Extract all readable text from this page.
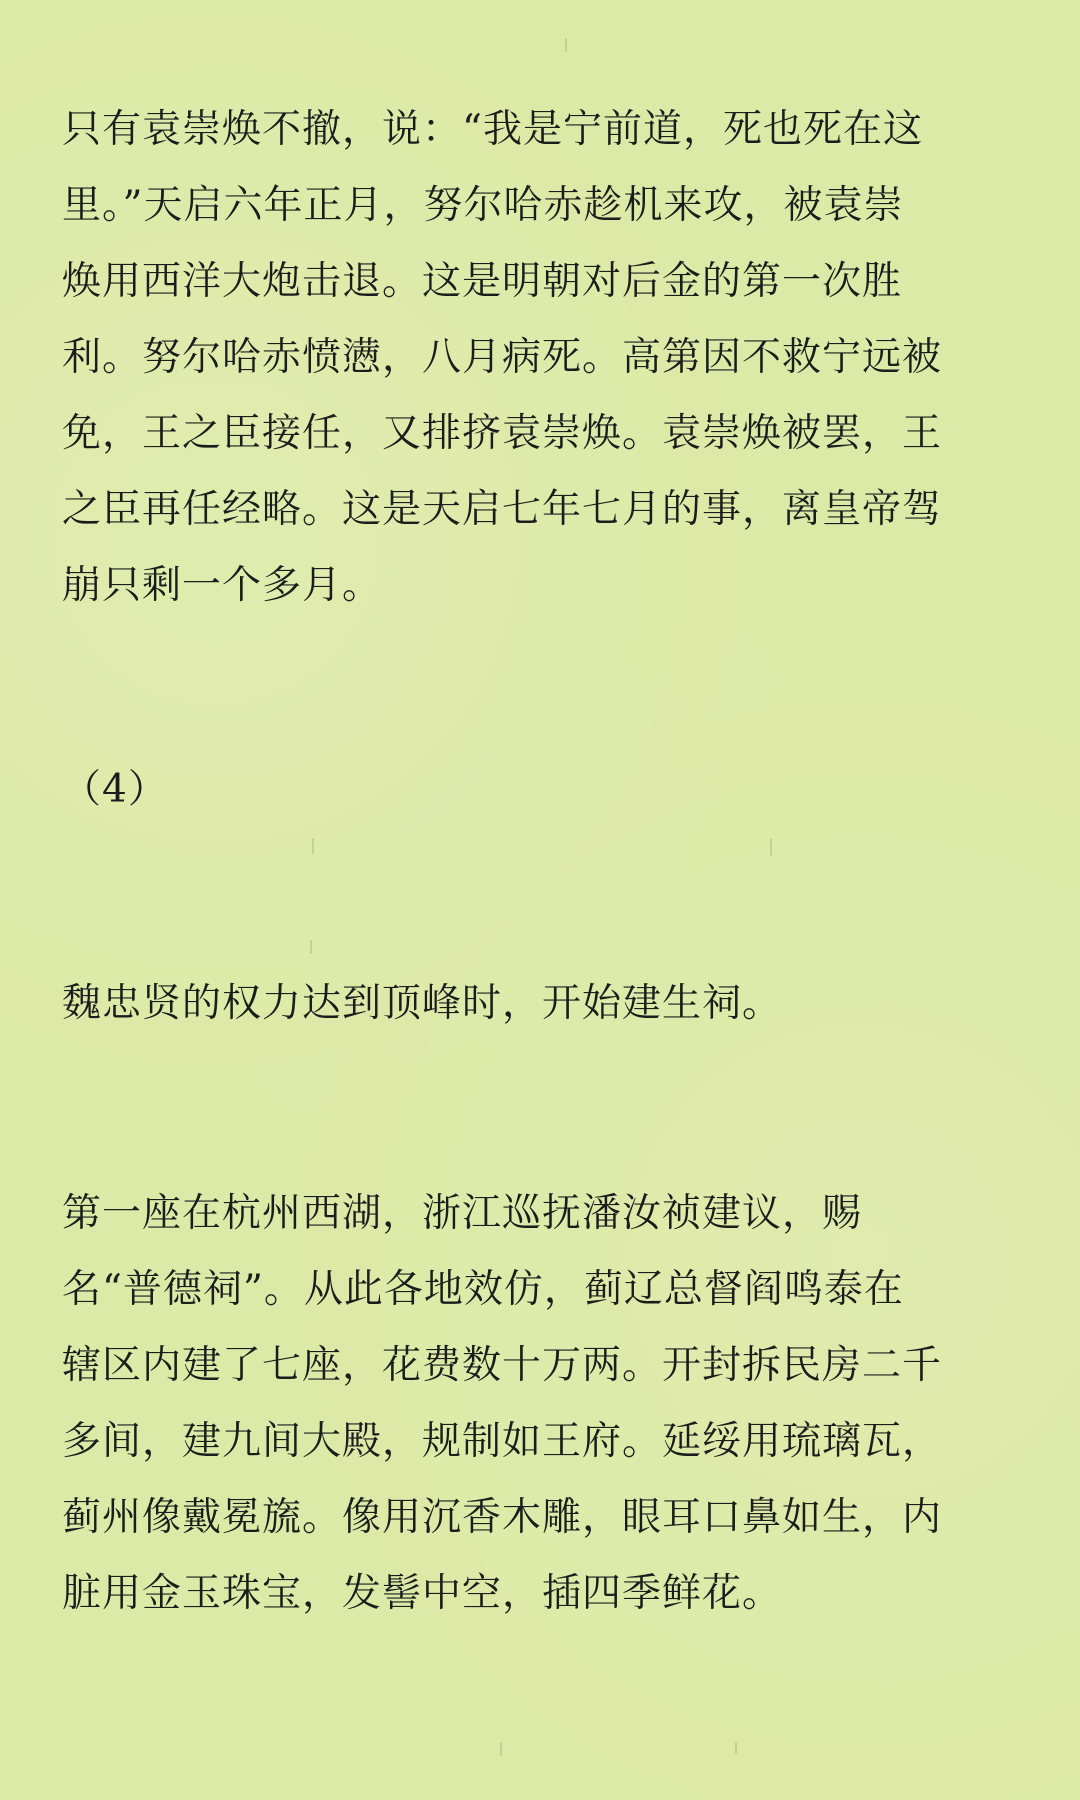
只有袁崇焕不撤，说：“我是宁前道，死也死在这
里。”天启六年正月，努尔哈赤趁机来攻，被袁崇
焕用西洋大炮击退。这是明朝对后金的第一次胜
利。努尔哈赤愤懑，八月病死。高第因不救宁远被
免，王之臣接任，又排挤袁崇焕。袁崇焕被罢，王
之臣再任经略。这是天启七年七月的事，离皇帝驾
崩只剩一个多月。
（4）
魏忠贤的权力达到顶峰时，开始建生祠。
第一座在杭州西湖，浙江巡抚潘汝祯建议，赐
名“普德祠”。从此各地效仿，蓟辽总督阎鸣泰在
辖区内建了七座，花费数十万两。开封拆民房二千
多间，建九间大殿，规制如王府。延绥用琉璃瓦，
蓟州像戴冕旒。像用沉香木雕，眼耳口鼻如生，内
脏用金玉珠宝，发髻中空，插四季鲜花。
